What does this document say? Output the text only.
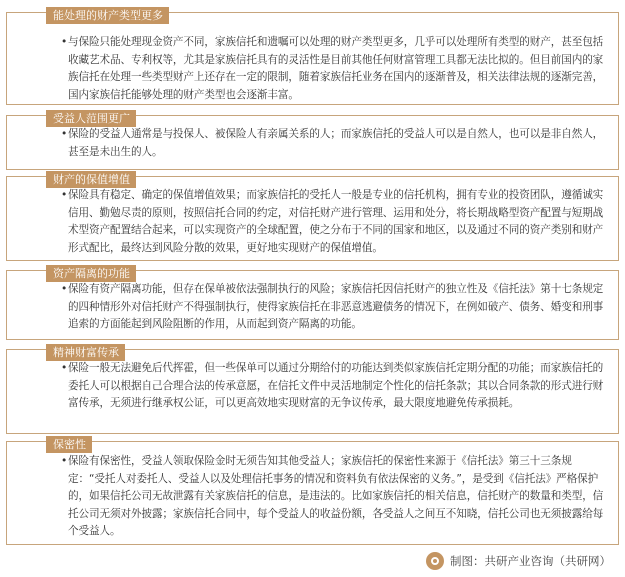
能处理的财产类型更多
•与保险只能处理现金资产不同，家族信托和遗嘱可以处理的财产类型更多，几乎可以处理所有类型的财产，甚至包括收藏艺术品、专利权等，尤其是家族信托具有的灵活性是目前其他任何财富管理工具都无法比拟的。但目前国内的家族信托在处理一些类型财产上还存在一定的限制，随着家族信托业务在国内的逐渐普及，相关法律法规的逐渐完善，国内家族信托能够处理的财产类型也会逐渐丰富。
受益人范围更广
•保险的受益人通常是与投保人、被保险人有亲属关系的人；而家族信托的受益人可以是自然人，也可以是非自然人，甚至是未出生的人。
财产的保值增值
•保险具有稳定、确定的保值增值效果；而家族信托的受托人一般是专业的信托机构，拥有专业的投资团队，遵循诚实信用、勤勉尽责的原则，按照信托合同的约定，对信托财产进行管理、运用和处分，将长期战略型资产配置与短期战术型资产配置结合起来，可以实现资产的全球配置，使之分布于不同的国家和地区，以及通过不同的资产类别和财产形式配比，最终达到风险分散的效果，更好地实现财产的保值增值。
资产隔离的功能
•保险有资产隔离功能，但存在保单被依法强制执行的风险；家族信托因信托财产的独立性及《信托法》第十七条规定的四种情形外对信托财产不得强制执行，使得家族信托在非恶意逃避债务的情况下，在例如破产、债务、婚变和刑事追索的方面能起到风险阻断的作用，从而起到资产隔离的功能。
精神财富传承
•保险一般无法避免后代挥霍，但一些保单可以通过分期给付的功能达到类似家族信托定期分配的功能；而家族信托的委托人可以根据自己合理合法的传承意愿，在信托文件中灵活地制定个性化的信托条款；其以合同条款的形式进行财富传承，无须进行继承权公证，可以更高效地实现财富的无争议传承，最大限度地避免传承损耗。
保密性
•保险有保密性，受益人领取保险金时无须告知其他受益人；家族信托的保密性来源于《信托法》第三十三条规定：“受托人对委托人、受益人以及处理信托事务的情况和资料负有依法保密的义务。”，是受到《信托法》严格保护的，如果信托公司无故泄露有关家族信托的信息，是违法的。比如家族信托的相关信息，信托财产的数量和类型，信托公司无须对外披露；家族信托合同中，每个受益人的收益份额，各受益人之间互不知晓，信托公司也无须披露给每个受益人。
制图：共研产业咨询（共研网）
